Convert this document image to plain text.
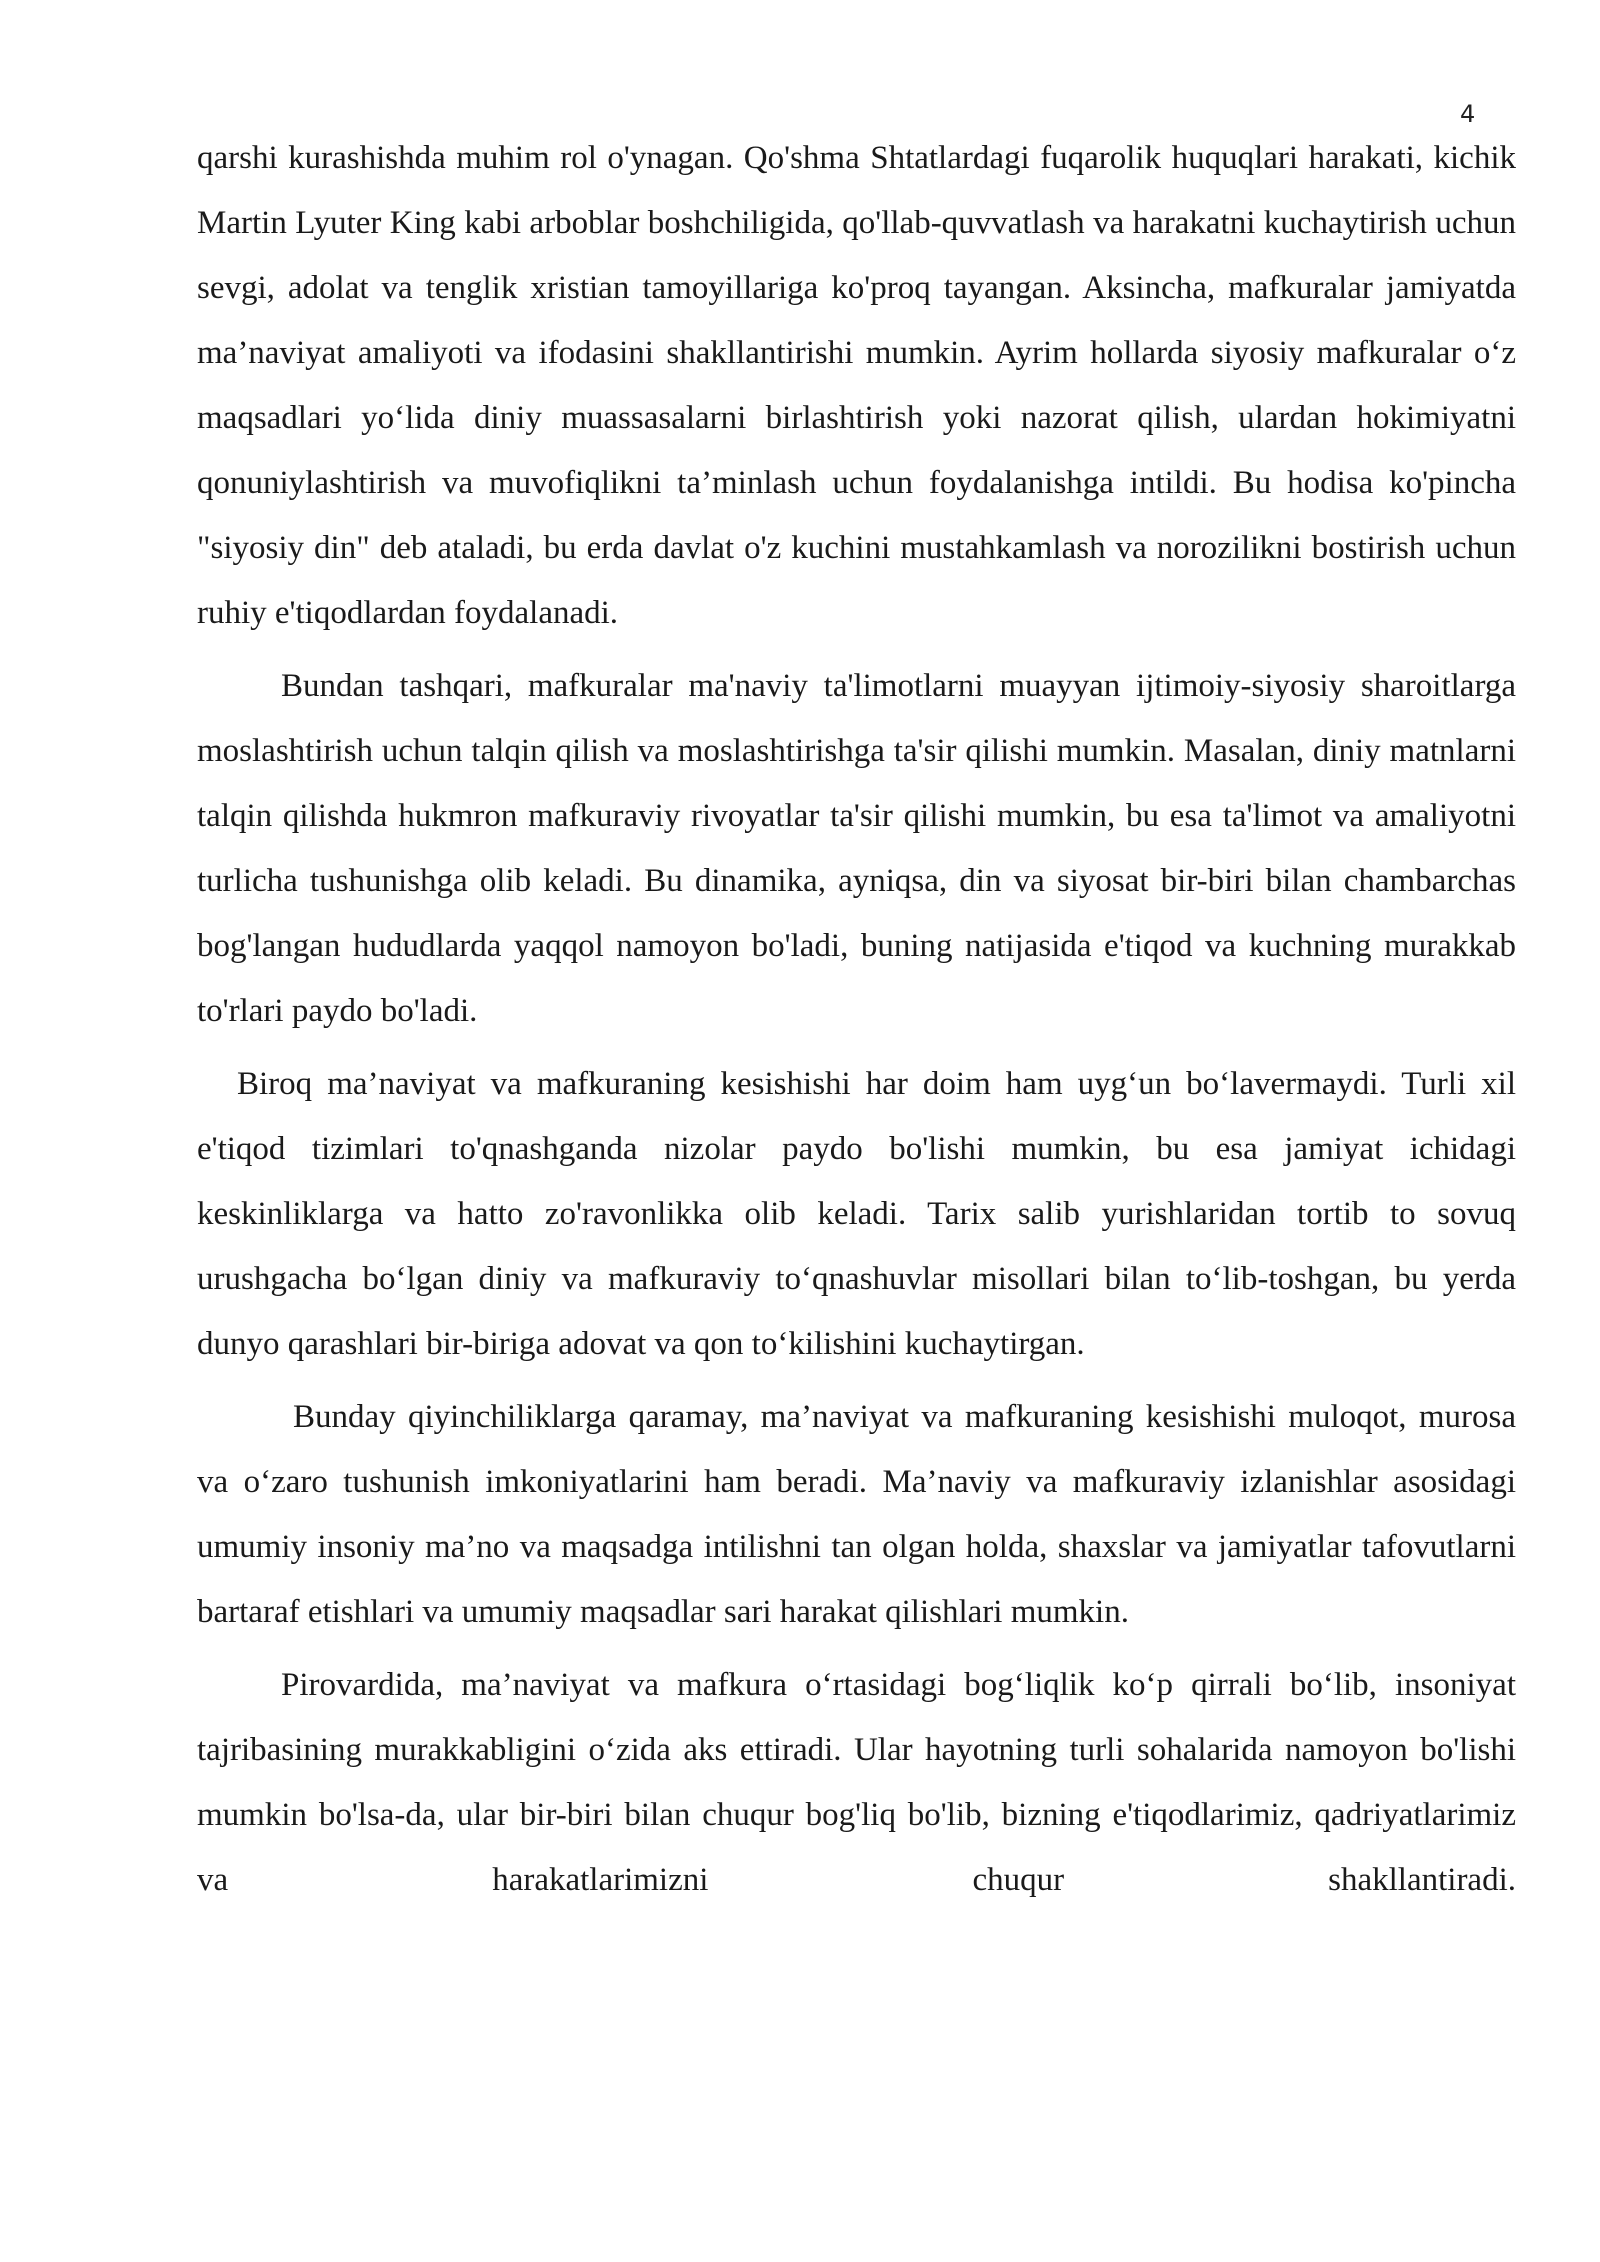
4

qarshi kurashishda muhim rol o'ynagan. Qo'shma Shtatlardagi fuqarolik huquqlari harakati, kichik Martin Lyuter King kabi arboblar boshchiligida, qo'llab-quvvatlash va harakatni kuchaytirish uchun sevgi, adolat va tenglik xristian tamoyillariga ko'proq tayangan. Aksincha, mafkuralar jamiyatda ma’naviyat amaliyoti va ifodasini shakllantirishi mumkin. Ayrim hollarda siyosiy mafkuralar o‘z maqsadlari yo‘lida diniy muassasalarni birlashtirish yoki nazorat qilish, ulardan hokimiyatni qonuniylashtirish va muvofiqlikni ta’minlash uchun foydalanishga intildi. Bu hodisa ko'pincha "siyosiy din" deb ataladi, bu erda davlat o'z kuchini mustahkamlash va norozilikni bostirish uchun ruhiy e'tiqodlardan foydalanadi.

Bundan tashqari, mafkuralar ma'naviy ta'limotlarni muayyan ijtimoiy-siyosiy sharoitlarga moslashtirish uchun talqin qilish va moslashtirishga ta'sir qilishi mumkin. Masalan, diniy matnlarni talqin qilishda hukmron mafkuraviy rivoyatlar ta'sir qilishi mumkin, bu esa ta'limot va amaliyotni turlicha tushunishga olib keladi. Bu dinamika, ayniqsa, din va siyosat bir-biri bilan chambarchas bog'langan hududlarda yaqqol namoyon bo'ladi, buning natijasida e'tiqod va kuchning murakkab to'rlari paydo bo'ladi.

Biroq ma’naviyat va mafkuraning kesishishi har doim ham uyg‘un bo‘lavermaydi. Turli xil e'tiqod tizimlari to'qnashganda nizolar paydo bo'lishi mumkin, bu esa jamiyat ichidagi keskinliklarga va hatto zo'ravonlikka olib keladi. Tarix salib yurishlaridan tortib to sovuq urushgacha bo‘lgan diniy va mafkuraviy to‘qnashuvlar misollari bilan to‘lib-toshgan, bu yerda dunyo qarashlari bir-biriga adovat va qon to‘kilishini kuchaytirgan.

Bunday qiyinchiliklarga qaramay, ma’naviyat va mafkuraning kesishishi muloqot, murosa va o‘zaro tushunish imkoniyatlarini ham beradi. Ma’naviy va mafkuraviy izlanishlar asosidagi umumiy insoniy ma’no va maqsadga intilishni tan olgan holda, shaxslar va jamiyatlar tafovutlarni bartaraf etishlari va umumiy maqsadlar sari harakat qilishlari mumkin.

Pirovardida, ma’naviyat va mafkura o‘rtasidagi bog‘liqlik ko‘p qirrali bo‘lib, insoniyat tajribasining murakkabligini o‘zida aks ettiradi. Ular hayotning turli sohalarida namoyon bo'lishi mumkin bo'lsa-da, ular bir-biri bilan chuqur bog'liq bo'lib, bizning e'tiqodlarimiz, qadriyatlarimiz va harakatlarimizni chuqur shakllantiradi.
